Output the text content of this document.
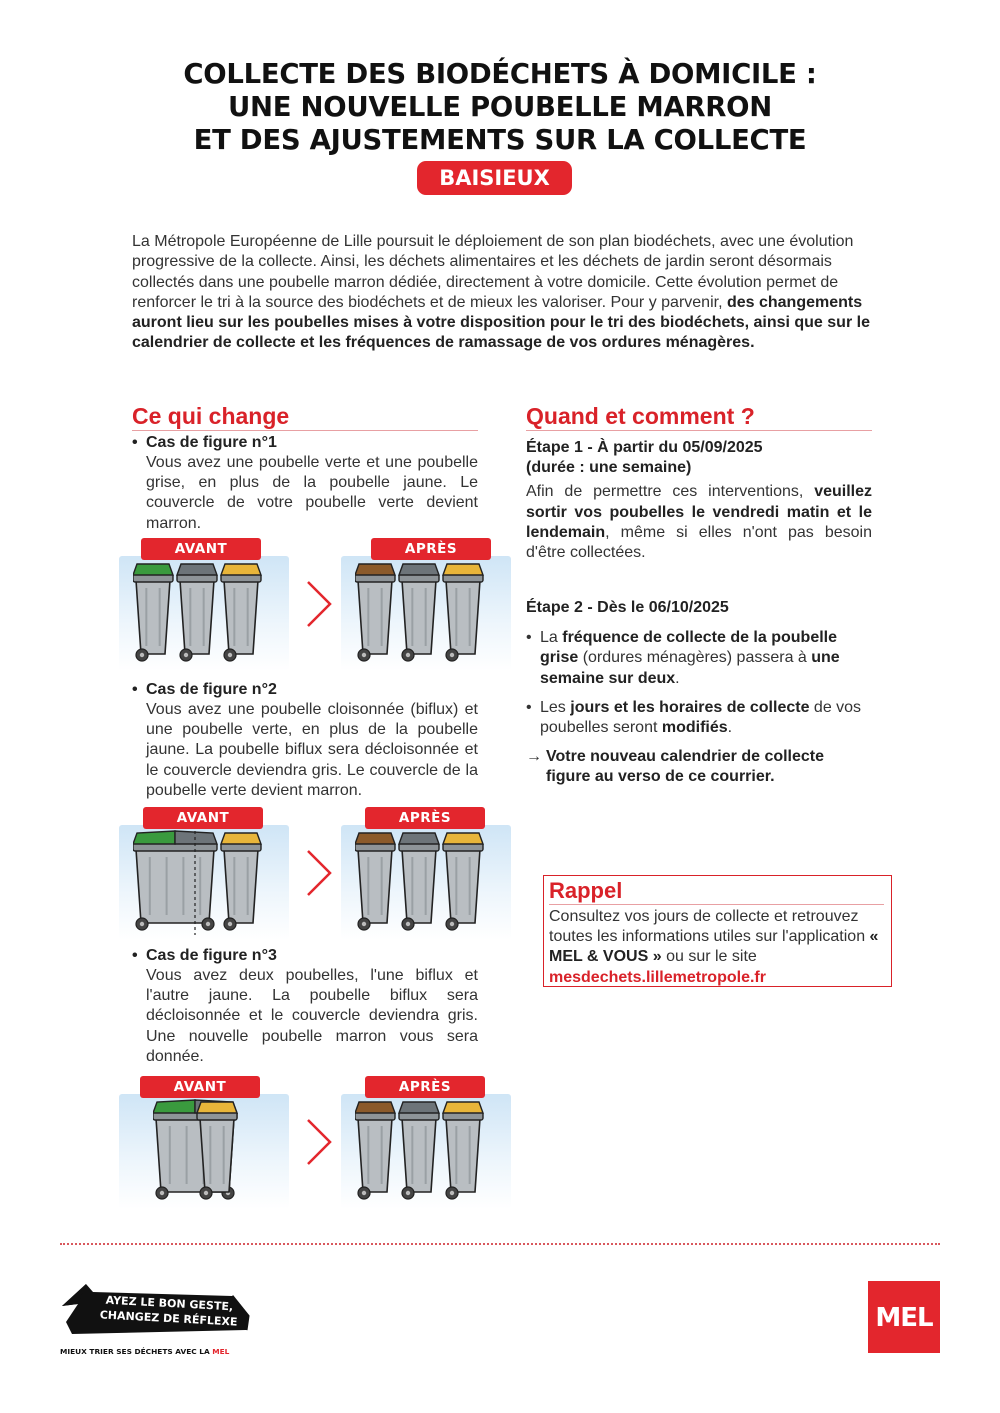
COLLECTE DES BIODÉCHETS À DOMICILE :
UNE NOUVELLE POUBELLE MARRON
ET DES AJUSTEMENTS SUR LA COLLECTE
BAISIEUX

La Métropole Européenne de Lille poursuit le déploiement de son plan biodéchets, avec une évolution progressive de la collecte. Ainsi, les déchets alimentaires et les déchets de jardin seront désormais collectés dans une poubelle marron dédiée, directement à votre domicile. Cette évolution permet de renforcer le tri à la source des biodéchets et de mieux les valoriser. Pour y parvenir, des changements auront lieu sur les poubelles mises à votre disposition pour le tri des biodéchets, ainsi que sur le calendrier de collecte et les fréquences de ramassage de vos ordures ménagères.

Ce qui change
• Cas de figure n°1
Vous avez une poubelle verte et une poubelle grise, en plus de la poubelle jaune. Le couvercle de votre poubelle verte devient marron.
AVANT	APRÈS
• Cas de figure n°2
Vous avez une poubelle cloisonnée (biflux) et une poubelle verte, en plus de la poubelle jaune. La poubelle biflux sera décloisonnée et le couvercle deviendra gris. Le couvercle de la poubelle verte devient marron.
AVANT	APRÈS
• Cas de figure n°3
Vous avez deux poubelles, l'une biflux et l'autre jaune. La poubelle biflux sera décloisonnée et le couvercle deviendra gris. Une nouvelle poubelle marron vous sera donnée.
AVANT	APRÈS
Quand et comment ?
Étape 1 - À partir du 05/09/2025
(durée : une semaine)
Afin de permettre ces interventions, veuillez sortir vos poubelles le vendredi matin et le lendemain, même si elles n'ont pas besoin d'être collectées.
Étape 2 - Dès le 06/10/2025
• La fréquence de collecte de la poubelle grise (ordures ménagères) passera à une semaine sur deux.
• Les jours et les horaires de collecte de vos poubelles seront modifiés.
→ Votre nouveau calendrier de collecte figure au verso de ce courrier.
Rappel
Consultez vos jours de collecte et retrouvez toutes les informations utiles sur l'application « MEL & VOUS » ou sur le site
mesdechets.lillemetropole.fr
AYEZ LE BON GESTE,
CHANGEZ DE RÉFLEXE
MIEUX TRIER SES DÉCHETS AVEC LA MEL
MEL
